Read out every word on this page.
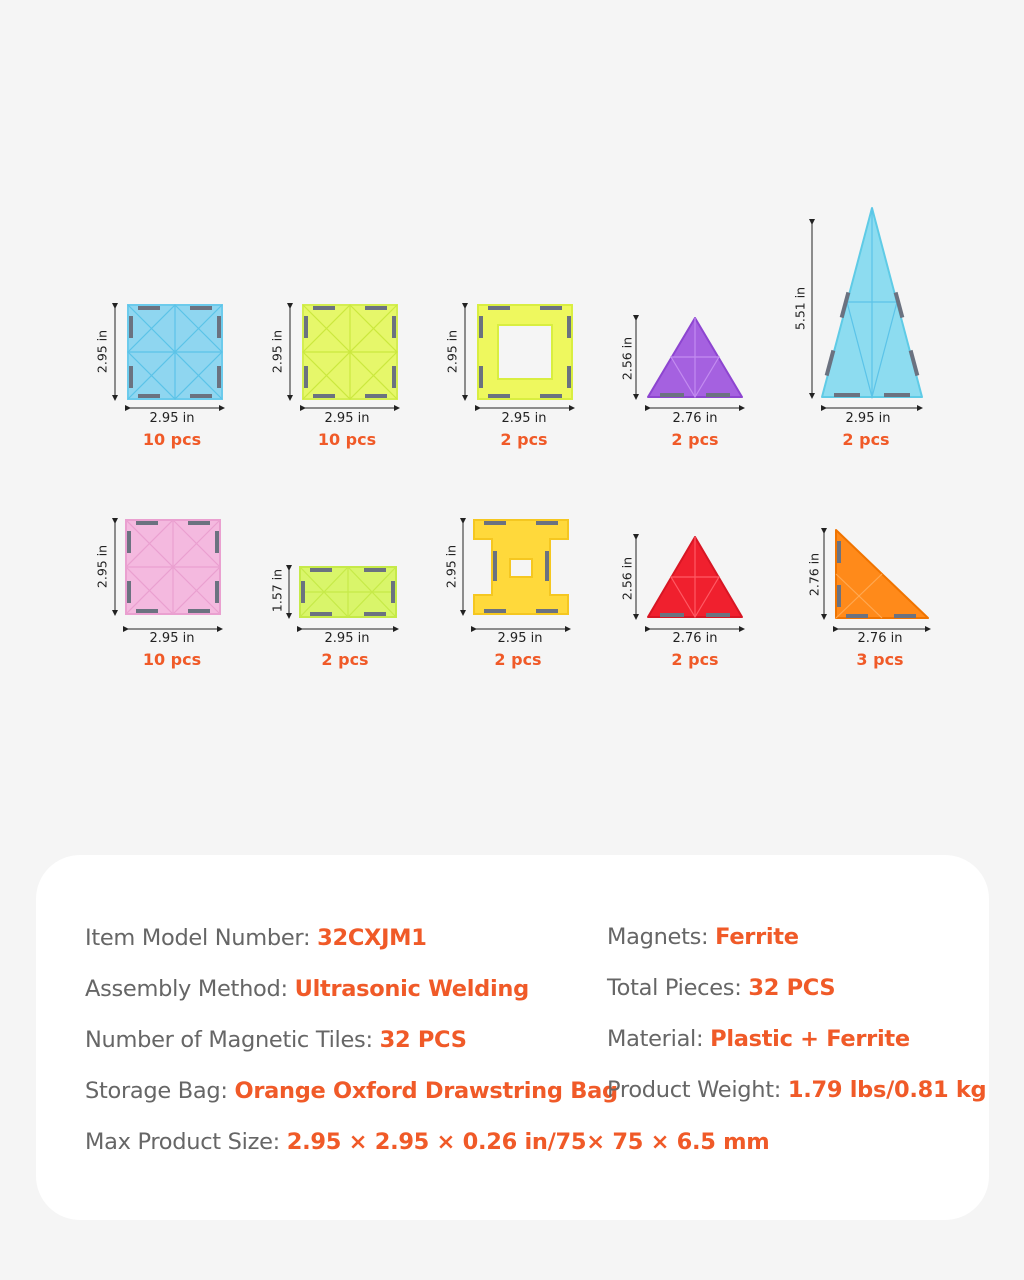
2.95 in
2.95 in
10 pcs
2.95 in
2.95 in
10 pcs
2.95 in
2.95 in
2 pcs
2.56 in
2.76 in
2 pcs
5.51 in
2.95 in
2 pcs
2.95 in
2.95 in
10 pcs
1.57 in
2.95 in
2 pcs
2.95 in
2.95 in
2 pcs
2.56 in
2.76 in
2 pcs
2.76 in
2.76 in
3 pcs
Item Model Number: 32CXJM1
Assembly Method: Ultrasonic Welding
Number of Magnetic Tiles: 32 PCS
Storage Bag: Orange Oxford Drawstring Bag
Max Product Size: 2.95 × 2.95 × 0.26 in/75× 75 × 6.5 mm
Magnets: Ferrite
Total Pieces: 32 PCS
Material: Plastic + Ferrite
Product Weight: 1.79 lbs/0.81 kg
